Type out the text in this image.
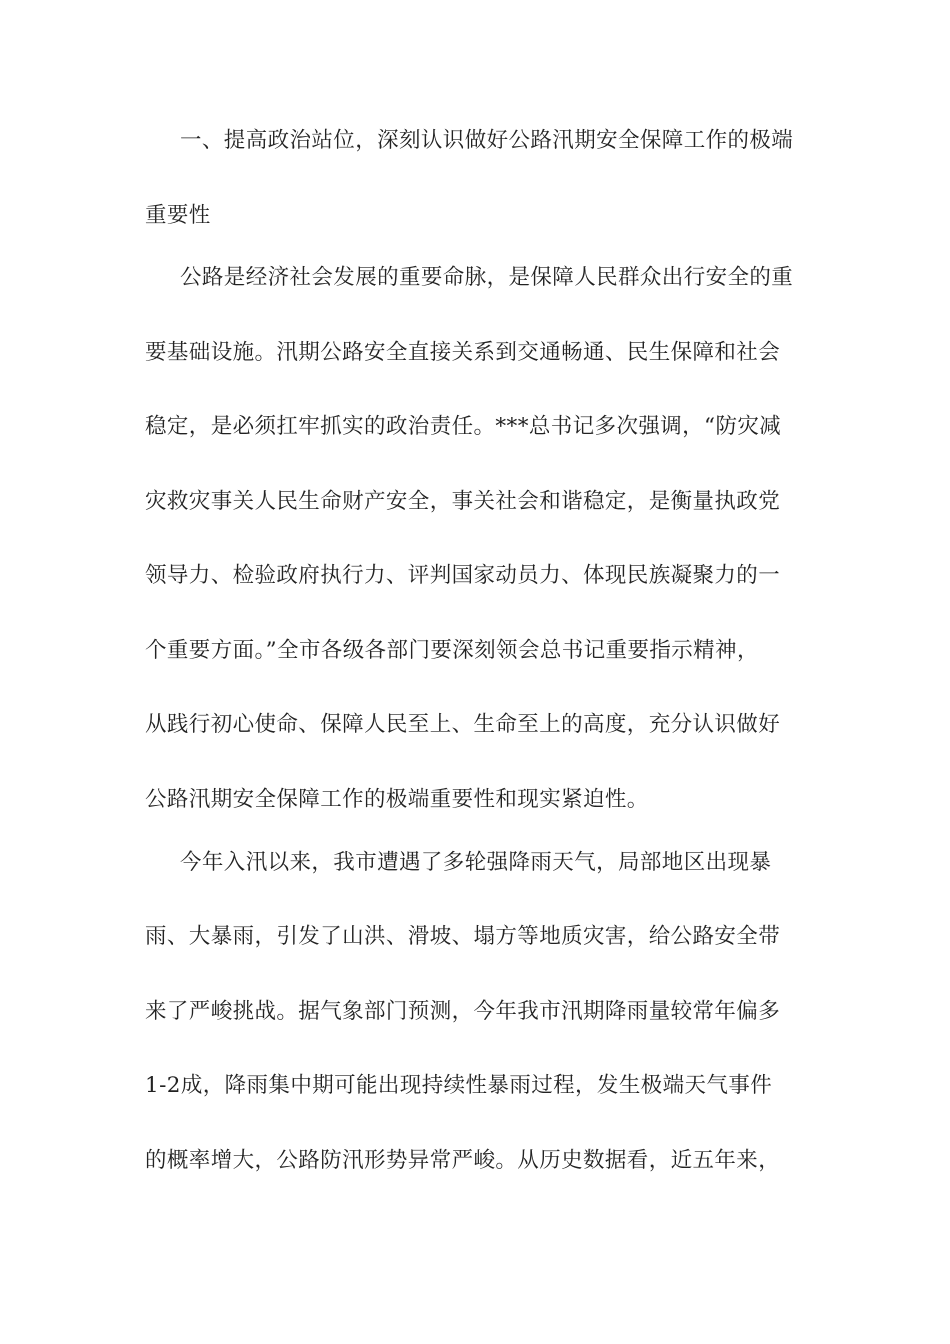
一、提高政治站位，深刻认识做好公路汛期安全保障工作的极端
重要性
公路是经济社会发展的重要命脉，是保障人民群众出行安全的重
要基础设施。汛期公路安全直接关系到交通畅通、民生保障和社会
稳定，是必须扛牢抓实的政治责任。***总书记多次强调，“防灾减
灾救灾事关人民生命财产安全，事关社会和谐稳定，是衡量执政党
领导力、检验政府执行力、评判国家动员力、体现民族凝聚力的一
个重要方面。”全市各级各部门要深刻领会总书记重要指示精神，
从践行初心使命、保障人民至上、生命至上的高度，充分认识做好
公路汛期安全保障工作的极端重要性和现实紧迫性。
今年入汛以来，我市遭遇了多轮强降雨天气，局部地区出现暴
雨、大暴雨，引发了山洪、滑坡、塌方等地质灾害，给公路安全带
来了严峻挑战。据气象部门预测，今年我市汛期降雨量较常年偏多
1-2成，降雨集中期可能出现持续性暴雨过程，发生极端天气事件
的概率增大，公路防汛形势异常严峻。从历史数据看，近五年来，
